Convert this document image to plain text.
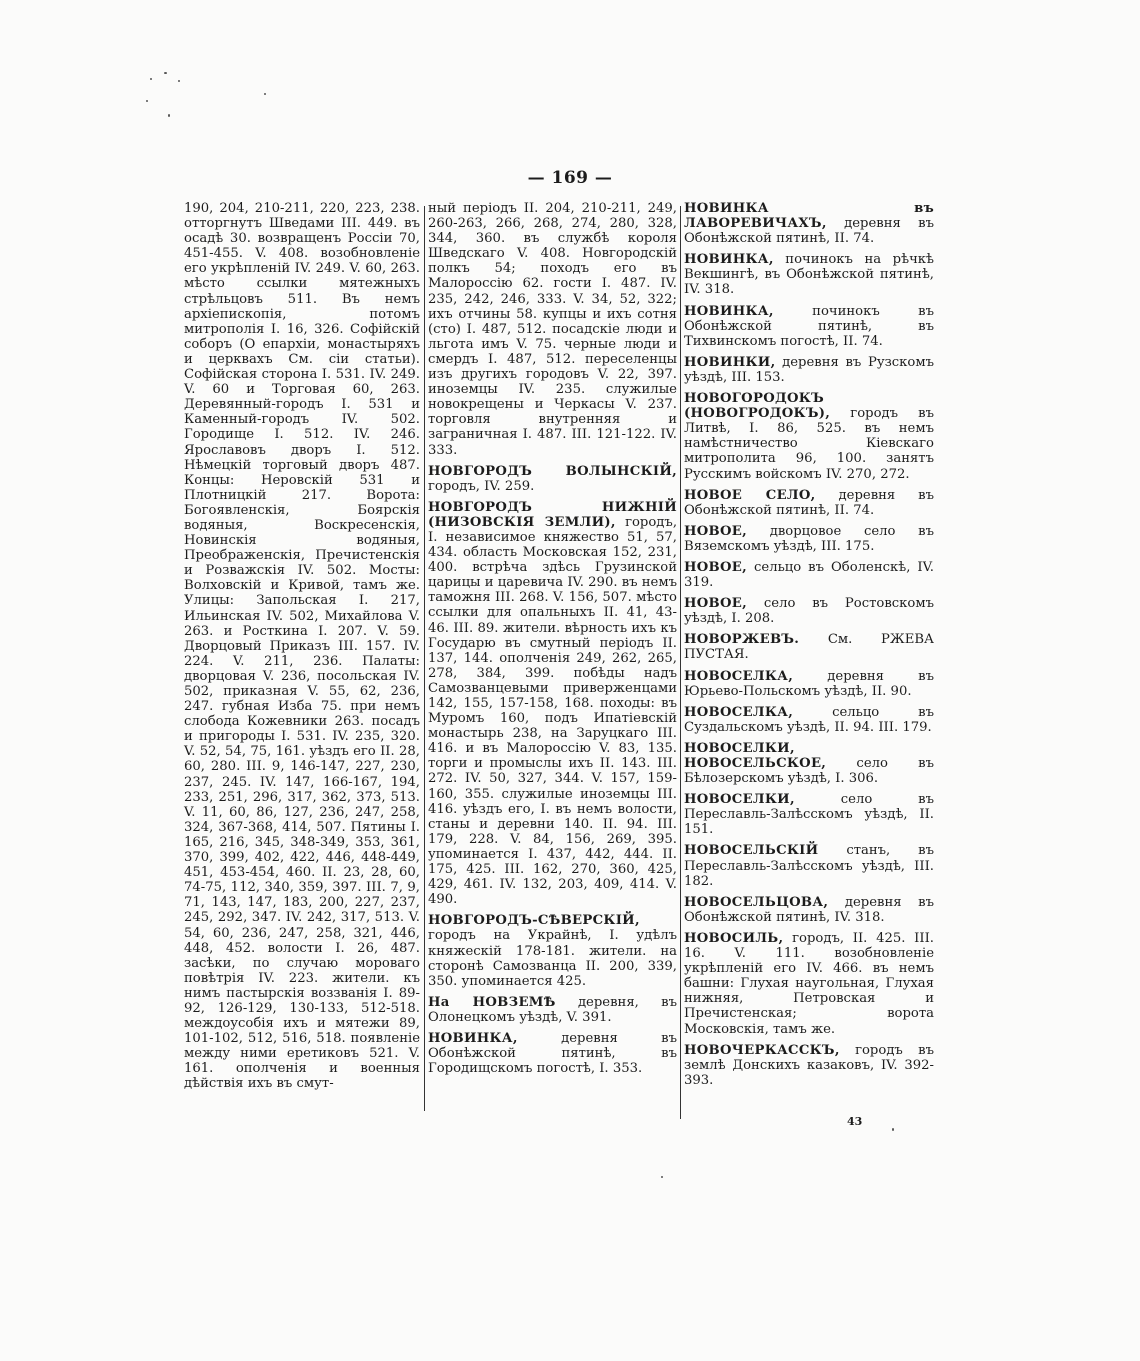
— 169 —

190, 204, 210-211, 220, 223, 238. отторгнутъ Шведами III. 449. въ осадѣ 30. возвращенъ Россіи 70, 451-455. V. 408. возобновленіе его укрѣпленій IV. 249. V. 60, 263. мѣсто ссылки мятежныхъ стрѣльцовъ 511. Въ немъ архіепископія, потомъ митрополія I. 16, 326. Софійскій соборъ (О епархіи, монастыряхъ и церквахъ См. сіи статьи). Софійская сторона I. 531. IV. 249. V. 60 и Торговая 60, 263. Деревянный-городъ I. 531 и Каменный-городъ IV. 502. Городище I. 512. IV. 246. Ярославовъ дворъ I. 512. Нѣмецкій торговый дворъ 487. Концы: Неровскій 531 и Плотницкій 217. Ворота: Богоявленскія, Боярскія водяныя, Воскресенскія, Новинскія водяныя, Преображенскія, Пречистенскія и Розважскія IV. 502. Мосты: Волховскій и Кривой, тамъ же. Улицы: Запольская I. 217, Ильинская IV. 502, Михайлова V. 263. и Росткина I. 207. V. 59. Дворцовый Приказъ III. 157. IV. 224. V. 211, 236. Палаты: дворцовая V. 236, посольская IV. 502, приказная V. 55, 62, 236, 247. губная Изба 75. при немъ слобода Кожевники 263. посадъ и пригороды I. 531. IV. 235, 320. V. 52, 54, 75, 161. уѣздъ его II. 28, 60, 280. III. 9, 146-147, 227, 230, 237, 245. IV. 147, 166-167, 194, 233, 251, 296, 317, 362, 373, 513. V. 11, 60, 86, 127, 236, 247, 258, 324, 367-368, 414, 507. Пятины I. 165, 216, 345, 348-349, 353, 361, 370, 399, 402, 422, 446, 448-449, 451, 453-454, 460. II. 23, 28, 60, 74-75, 112, 340, 359, 397. III. 7, 9, 71, 143, 147, 183, 200, 227, 237, 245, 292, 347. IV. 242, 317, 513. V. 54, 60, 236, 247, 258, 321, 446, 448, 452. волости I. 26, 487. засѣки, по случаю мороваго повѣтрія IV. 223. жители. къ нимъ пастырскія воззванія I. 89-92, 126-129, 130-133, 512-518. междоусобія ихъ и мятежи 89, 101-102, 512, 516, 518. появленіе между ними еретиковъ 521. V. 161. ополченія и военныя дѣйствія ихъ въ смут-

ный періодъ II. 204, 210-211, 249, 260-263, 266, 268, 274, 280, 328, 344, 360. въ службѣ короля Шведскаго V. 408. Новгородскій полкъ 54; походъ его въ Малороссію 62. гости I. 487. IV. 235, 242, 246, 333. V. 34, 52, 322; ихъ отчины 58. купцы и ихъ сотня (сто) I. 487, 512. посадскіе люди и льгота имъ V. 75. черные люди и смердъ I. 487, 512. переселенцы изъ другихъ городовъ V. 22, 397. иноземцы IV. 235. служилые новокрещены и Черкасы V. 237. торговля внутренняя и заграничная I. 487. III. 121-122. IV. 333.

НОВГОРОДЪ ВОЛЫНСКІЙ, городъ, IV. 259.

НОВГОРОДЪ НИЖНІЙ (НИЗОВСКІЯ ЗЕМЛИ), городъ, I. независимое княжество 51, 57, 434. область Московская 152, 231, 400. встрѣча здѣсь Грузинской царицы и царевича IV. 290. въ немъ таможня III. 268. V. 156, 507. мѣсто ссылки для опальныхъ II. 41, 43-46. III. 89. жители. вѣрность ихъ къ Государю въ смутный періодъ II. 137, 144. ополченія 249, 262, 265, 278, 384, 399. побѣды надъ Самозванцевыми приверженцами 142, 155, 157-158, 168. походы: въ Муромъ 160, подъ Ипатіевскій монастырь 238, на Заруцкаго III. 416. и въ Малороссію V. 83, 135. торги и промыслы ихъ II. 143. III. 272. IV. 50, 327, 344. V. 157, 159-160, 355. служилые иноземцы III. 416. уѣздъ его, I. въ немъ волости, станы и деревни 140. II. 94. III. 179, 228. V. 84, 156, 269, 395. упоминается I. 437, 442, 444. II. 175, 425. III. 162, 270, 360, 425, 429, 461. IV. 132, 203, 409, 414. V. 490.

НОВГОРОДЪ-СѢВЕРСКІЙ, городъ на Украйнѣ, I. удѣлъ княжескій 178-181. жители. на сторонѣ Самозванца II. 200, 339, 350. упоминается 425.

На НОВЗЕМѢ деревня, въ Олонецкомъ уѣздѣ, V. 391.

НОВИНКА, деревня въ Обонѣжской пятинѣ, въ Городищскомъ погостѣ, I. 353.

НОВИНКА въ ЛАВОРЕВИЧАХЪ, деревня въ Обонѣжской пятинѣ, II. 74.

НОВИНКА, починокъ на рѣчкѣ Векшингѣ, въ Обонѣжской пятинѣ, IV. 318.

НОВИНКА, починокъ въ Обонѣжской пятинѣ, въ Тихвинскомъ погостѣ, II. 74.

НОВИНКИ, деревня въ Рузскомъ уѣздѣ, III. 153.

НОВОГОРОДОКЪ (НОВОГРОДОКЪ), городъ въ Литвѣ, I. 86, 525. въ немъ намѣстничество Кіевскаго митрополита 96, 100. занятъ Русскимъ войскомъ IV. 270, 272.

НОВОЕ СЕЛО, деревня въ Обонѣжской пятинѣ, II. 74.

НОВОЕ, дворцовое село въ Вяземскомъ уѣздѣ, III. 175.

НОВОЕ, сельцо въ Оболенскѣ, IV. 319.

НОВОЕ, село въ Ростовскомъ уѣздѣ, I. 208.

НОВОРЖЕВЪ. См. РЖЕВА ПУСТАЯ.

НОВОСЕЛКА, деревня въ Юрьево-Польскомъ уѣздѣ, II. 90.

НОВОСЕЛКА, сельцо въ Суздальскомъ уѣздѣ, II. 94. III. 179.

НОВОСЕЛКИ, НОВОСЕЛЬСКОЕ, село въ Бѣлозерскомъ уѣздѣ, I. 306.

НОВОСЕЛКИ, село въ Переславль-Залѣсскомъ уѣздѣ, II. 151.

НОВОСЕЛЬСКІЙ станъ, въ Переславль-Залѣсскомъ уѣздѣ, III. 182.

НОВОСЕЛЬЦОВА, деревня въ Обонѣжской пятинѣ, IV. 318.

НОВОСИЛЬ, городъ, II. 425. III. 16. V. 111. возобновленіе укрѣпленій его IV. 466. въ немъ башни: Глухая наугольная, Глухая нижняя, Петровская и Пречистенская; ворота Московскія, тамъ же.

НОВОЧЕРКАССКЪ, городъ въ землѣ Донскихъ казаковъ, IV. 392-393.

43
